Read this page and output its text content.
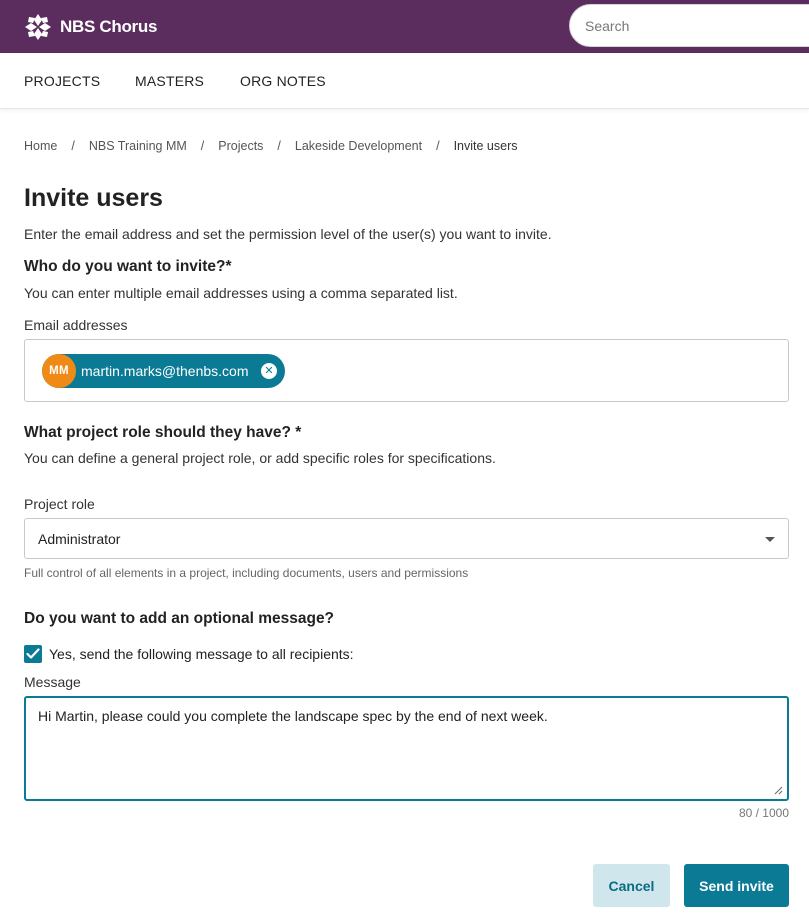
NBS Chorus
Search
PROJECTS MASTERS	ORG NOTES
Home / NBS Training MM / Projects / Lakeside Development / Invite users
Invite users

Enter the email address and set the permission level of the user(s) you want to invite.

Who do you want to invite?*

You can enter multiple email addresses using a comma separated list.

Email addresses
MM martin.marks@thenbs.com	✕
What project role should they have? *

You can define a general project role, or add specific roles for specifications.

Project role
Administrator

Full control of all elements in a project, including documents, users and permissions

Do you want to add an optional message?
Yes, send the following message to all recipients:
Message
Hi Martin, please could you complete the landscape spec by the end of next week.
80 / 1000
Cancel	Send invite
